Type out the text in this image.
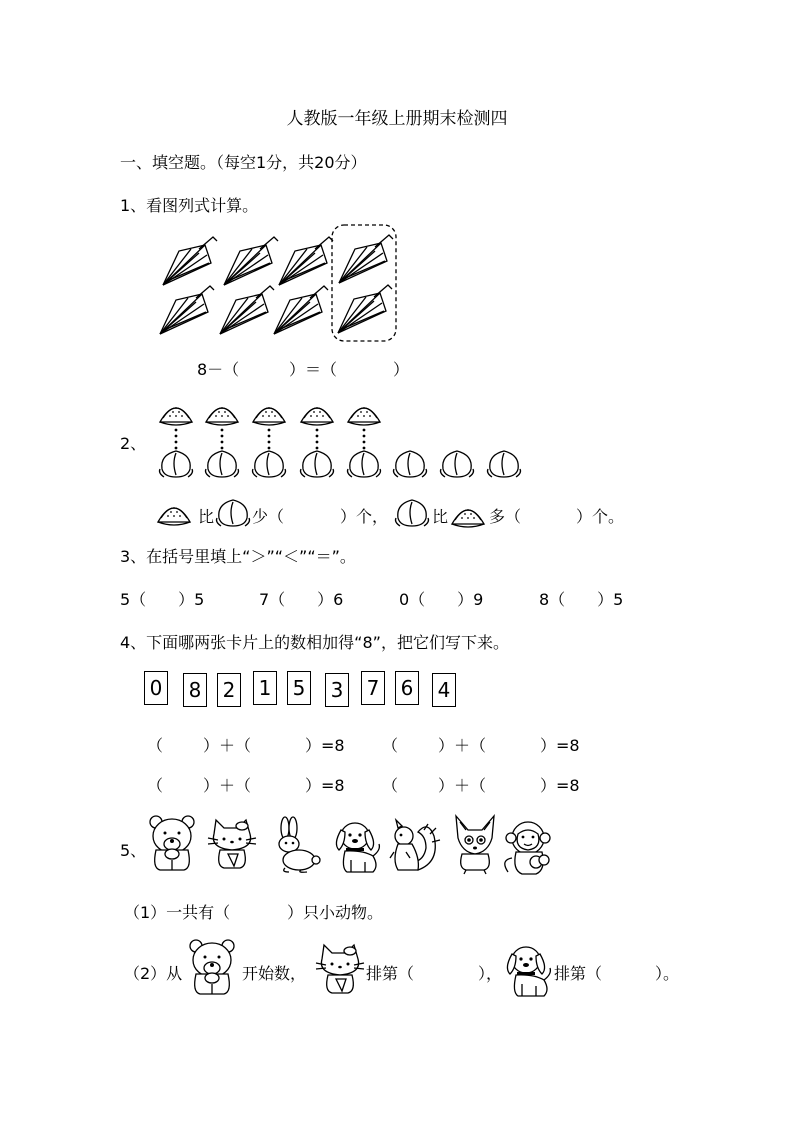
人教版一年级上册期末检测四
一、填空题。（每空1分，共20分）
1、看图列式计算。
8－（	）＝（	）
2、
比 少（	）个，	比	多（	）个。
3、在括号里填上“＞”“＜”“＝”。
5（　　）5	7（　　）6	0（　　）9	8（　　）5
4、下面哪两张卡片上的数相加得“8”，把它们写下来。
0 8 2 1 5 3 7 6 4
（ ）＋（	）=8 （ ）＋（	）=8
（ ）＋（	）=8 （ ）＋（	）=8
5、
（1）一共有（	）只小动物。
（2）从	开始数，	排第（	），	排第（	）。
